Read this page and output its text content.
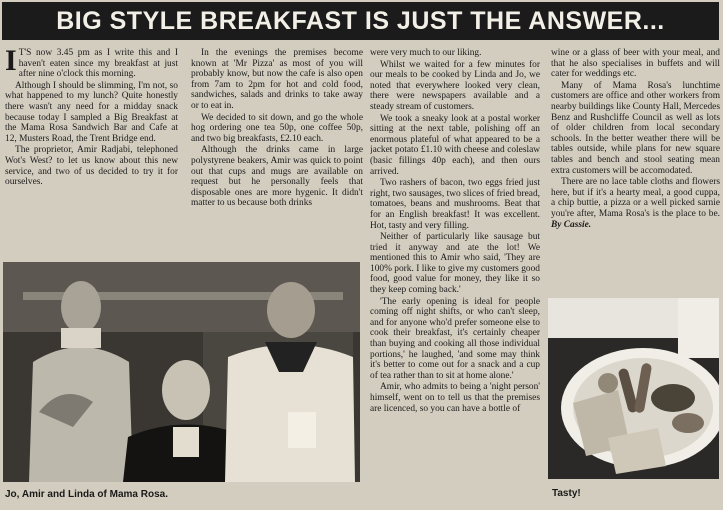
BIG STYLE BREAKFAST IS JUST THE ANSWER...

I T'S now 3.45 pm as I write this and I haven't eaten since my breakfast at just after nine o'clock this morning.

Although I should be slimming, I'm not, so what happened to my lunch? Quite honestly there wasn't any need for a midday snack because today I sampled a Big Breakfast at the Mama Rosa Sandwich Bar and Cafe at 12, Musters Road, the Trent Bridge end.

The proprietor, Amir Radjabi, telephoned Wot's West? to let us know about this new service, and two of us decided to try it for ourselves.

In the evenings the premises become known at 'Mr Pizza' as most of you will probably know, but now the cafe is also open from 7am to 2pm for hot and cold food, sandwiches, salads and drinks to take away or to eat in.

We decided to sit down, and go the whole hog ordering one tea 50p, one coffee 50p, and two big breakfasts, £2.10 each.

Although the drinks came in large polystyrene beakers, Amir was quick to point out that cups and mugs are available on request but he personally feels that disposable ones are more hygenic. It didn't matter to us because both drinks

were very much to our liking.

Whilst we waited for a few minutes for our meals to be cooked by Linda and Jo, we noted that everywhere looked very clean, there were newspapers available and a steady stream of customers.

We took a sneaky look at a postal worker sitting at the next table, polishing off an enormous plateful of what appeared to be a jacket potato £1.10 with cheese and coleslaw (basic fillings 40p each), and then ours arrived.

Two rashers of bacon, two eggs fried just right, two sausages, two slices of fried bread, tomatoes, beans and mushrooms. Beat that for an English breakfast! It was excellent. Hot, tasty and very filling.

Neither of particularly like sausage but tried it anyway and ate the lot! We mentioned this to Amir who said, 'They are 100% pork. I like to give my customers good food, good value for money, they like it so they keep coming back.'

'The early opening is ideal for people coming off night shifts, or who can't sleep, and for anyone who'd prefer someone else to cook their breakfast, it's certainly cheaper than buying and cooking all those individual portions,' he laughed, 'and some may think it's better to come out for a snack and a cup of tea rather than to sit at home alone.'

Amir, who admits to being a 'night person' himself, went on to tell us that the premises are licenced, so you can have a bottle of

wine or a glass of beer with your meal, and that he also specialises in buffets and will cater for weddings etc.

Many of Mama Rosa's lunchtime customers are office and other workers from nearby buildings like County Hall, Mercedes Benz and Rushcliffe Council as well as lots of older children from local secondary schools. In the better weather there will be tables outside, while plans for new square tables and bench and stool seating mean extra customers will be accomodated.

There are no lace table cloths and flowers here, but if it's a hearty meal, a good cuppa, a chip buttie, a pizza or a well picked sarnie you're after, Mama Rosa's is the place to be. By Cassie.

Jo, Amir and Linda of Mama Rosa.	Tasty!
